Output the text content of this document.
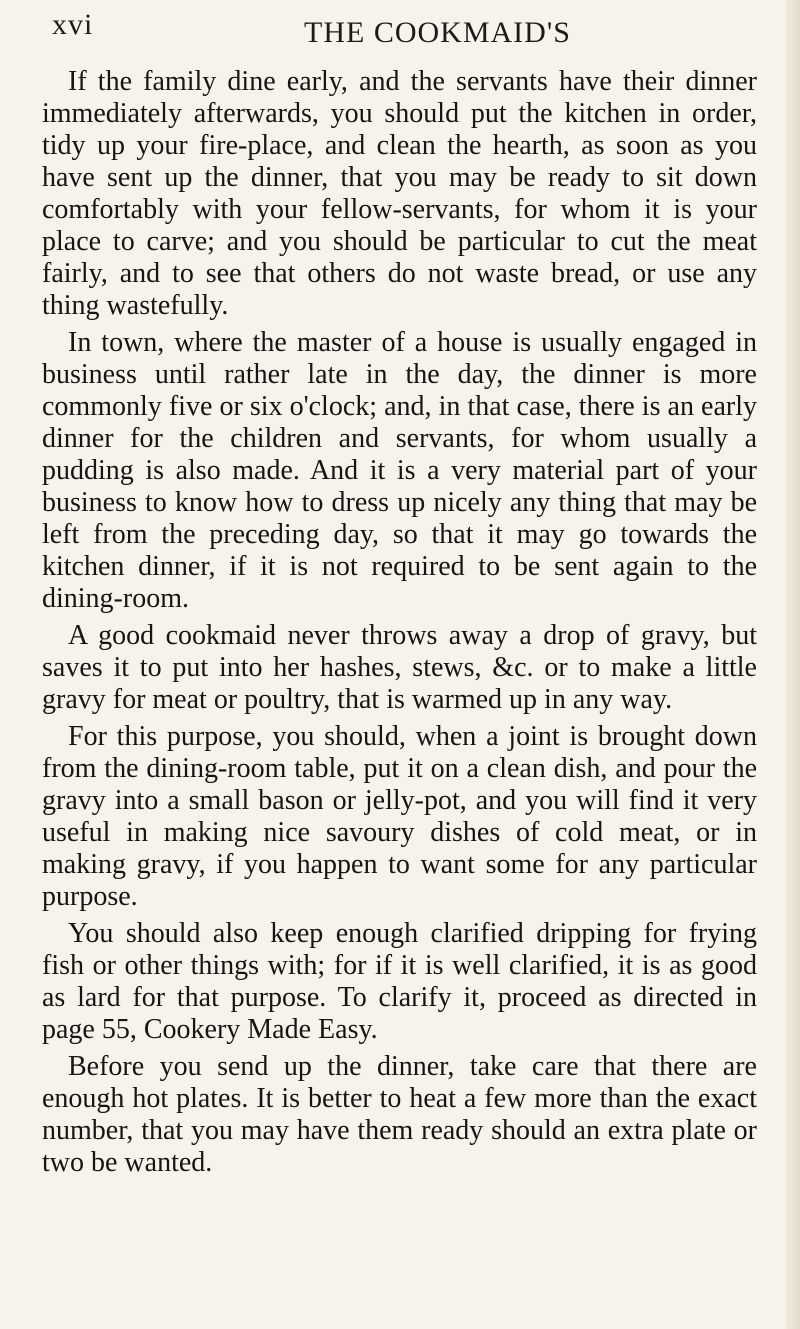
xvi	THE COOKMAID'S

If the family dine early, and the servants have their dinner immediately afterwards, you should put the kitchen in order, tidy up your fire-place, and clean the hearth, as soon as you have sent up the dinner, that you may be ready to sit down comfortably with your fellow-servants, for whom it is your place to carve; and you should be particular to cut the meat fairly, and to see that others do not waste bread, or use any thing wastefully.

In town, where the master of a house is usually engaged in business until rather late in the day, the dinner is more commonly five or six o'clock; and, in that case, there is an early dinner for the children and servants, for whom usually a pudding is also made. And it is a very material part of your business to know how to dress up nicely any thing that may be left from the preceding day, so that it may go towards the kitchen dinner, if it is not required to be sent again to the dining-room.

A good cookmaid never throws away a drop of gravy, but saves it to put into her hashes, stews, &c. or to make a little gravy for meat or poultry, that is warmed up in any way.

For this purpose, you should, when a joint is brought down from the dining-room table, put it on a clean dish, and pour the gravy into a small bason or jelly-pot, and you will find it very useful in making nice savoury dishes of cold meat, or in making gravy, if you happen to want some for any particular purpose.

You should also keep enough clarified dripping for frying fish or other things with; for if it is well clarified, it is as good as lard for that purpose. To clarify it, proceed as directed in page 55, Cookery Made Easy.

Before you send up the dinner, take care that there are enough hot plates. It is better to heat a few more than the exact number, that you may have them ready should an extra plate or two be wanted.
